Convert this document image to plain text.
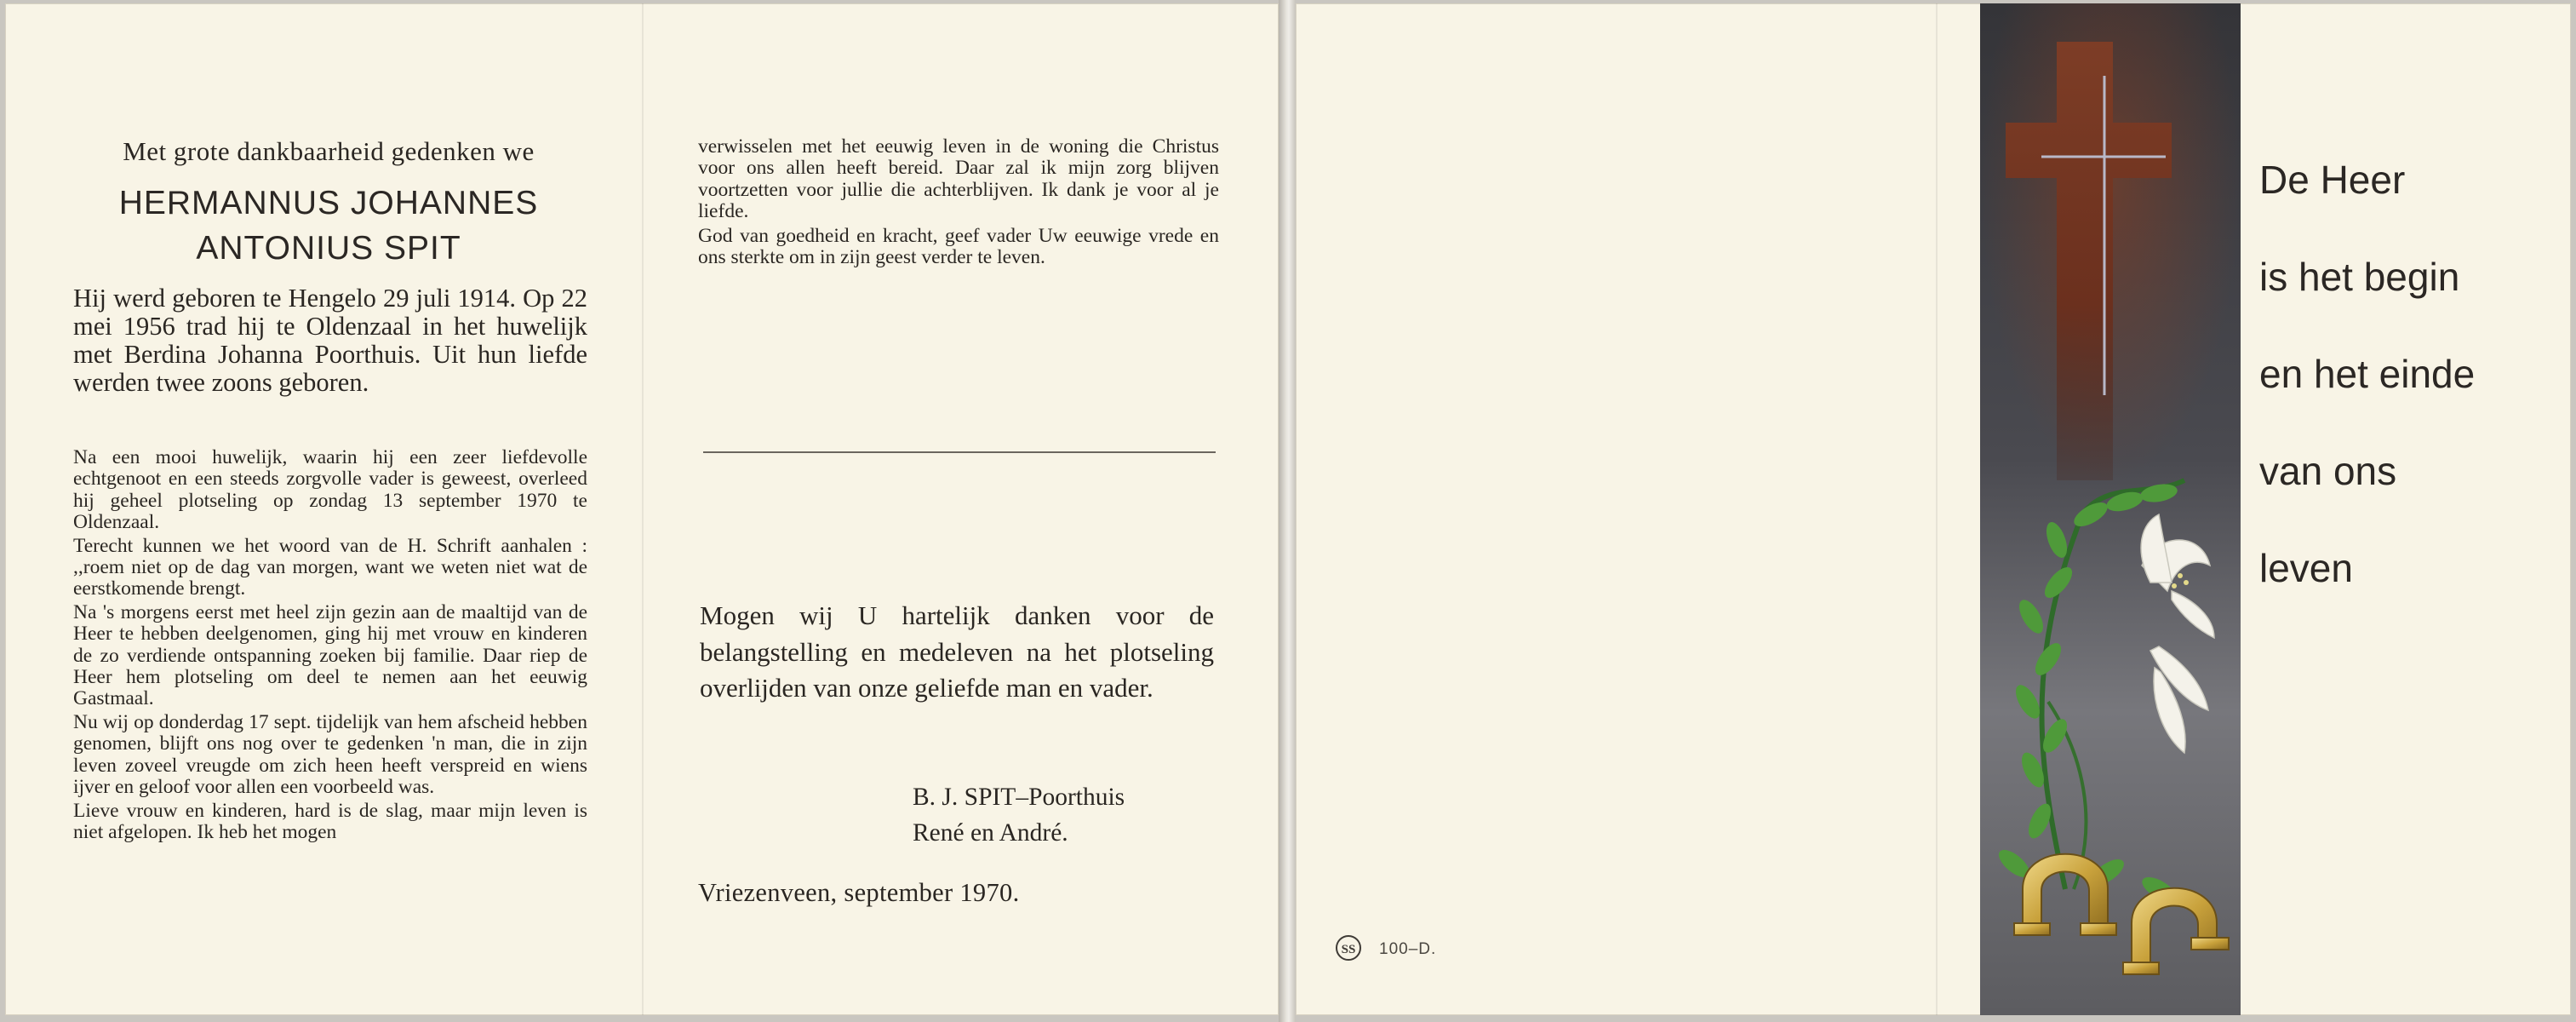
Met grote dankbaarheid gedenken we
HERMANNUS JOHANNES
ANTONIUS SPIT
Hij werd geboren te Hengelo 29 juli 1914. Op 22 mei 1956 trad hij te Oldenzaal in het huwelijk met Berdina Johanna Poorthuis. Uit hun liefde werden twee zoons geboren.

Na een mooi huwelijk, waarin hij een zeer liefdevolle echtgenoot en een steeds zorgvolle vader is geweest, overleed hij geheel plotseling op zondag 13 september 1970 te Oldenzaal.

Terecht kunnen we het woord van de H. Schrift aanhalen : ,,roem niet op de dag van morgen, want we weten niet wat de eerstkomende brengt.

Na 's morgens eerst met heel zijn gezin aan de maaltijd van de Heer te hebben deelgenomen, ging hij met vrouw en kinderen de zo verdiende ontspanning zoeken bij familie. Daar riep de Heer hem plotseling om deel te nemen aan het eeuwig Gastmaal.

Nu wij op donderdag 17 sept. tijdelijk van hem afscheid hebben genomen, blijft ons nog over te gedenken 'n man, die in zijn leven zoveel vreugde om zich heen heeft verspreid en wiens ijver en geloof voor allen een voorbeeld was.

Lieve vrouw en kinderen, hard is de slag, maar mijn leven is niet afgelopen. Ik heb het mogen

verwisselen met het eeuwig leven in de woning die Christus voor ons allen heeft bereid. Daar zal ik mijn zorg blijven voortzetten voor jullie die achterblijven. Ik dank je voor al je liefde.

God van goedheid en kracht, geef vader Uw eeuwige vrede en ons sterkte om in zijn geest verder te leven.

Mogen wij U hartelijk danken voor de belangstelling en medeleven na het plotseling overlijden van onze geliefde man en vader.
B. J. SPIT–Poorthuis
René en André.
Vriezenveen, september 1970.
SS 100–D.
De Heer
is het begin
en het einde
van ons
leven
